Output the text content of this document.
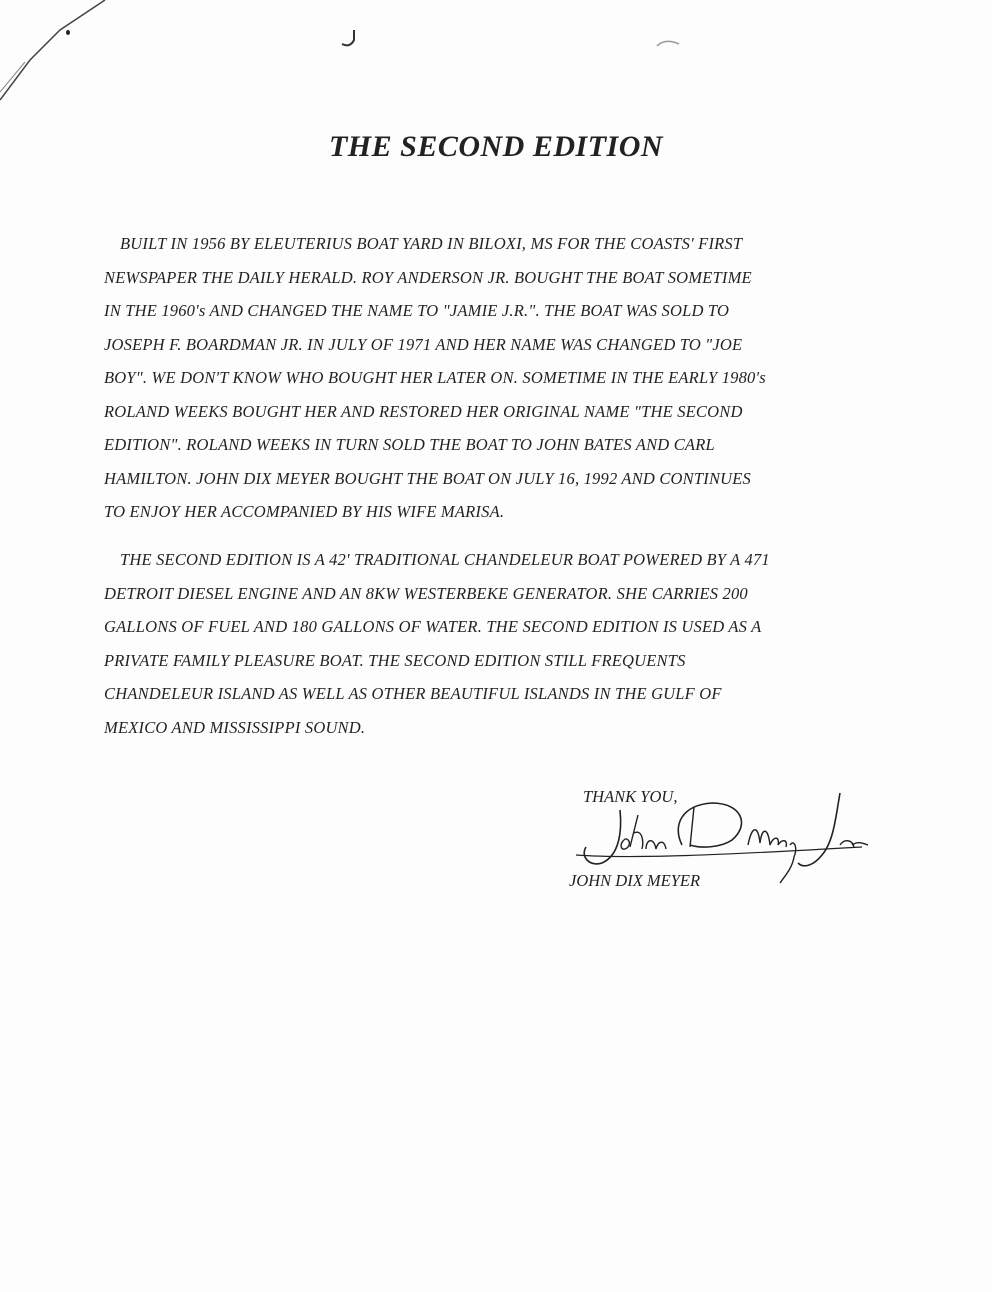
THE SECOND EDITION
BUILT IN 1956 BY ELEUTERIUS BOAT YARD IN BILOXI, MS FOR THE COASTS' FIRST
NEWSPAPER THE DAILY HERALD. ROY ANDERSON JR. BOUGHT THE BOAT SOMETIME
IN THE 1960's AND CHANGED THE NAME TO "JAMIE J.R.". THE BOAT WAS SOLD TO
JOSEPH F. BOARDMAN JR. IN JULY OF 1971 AND HER NAME WAS CHANGED TO "JOE
BOY". WE DON'T KNOW WHO BOUGHT HER LATER ON. SOMETIME IN THE EARLY 1980's
ROLAND WEEKS BOUGHT HER AND RESTORED HER ORIGINAL NAME "THE SECOND
EDITION". ROLAND WEEKS IN TURN SOLD THE BOAT TO JOHN BATES AND CARL
HAMILTON. JOHN DIX MEYER BOUGHT THE BOAT ON JULY 16, 1992 AND CONTINUES
TO ENJOY HER ACCOMPANIED BY HIS WIFE MARISA.
THE SECOND EDITION IS A 42' TRADITIONAL CHANDELEUR BOAT POWERED BY A 471
DETROIT DIESEL ENGINE AND AN 8KW WESTERBEKE GENERATOR. SHE CARRIES 200
GALLONS OF FUEL AND 180 GALLONS OF WATER. THE SECOND EDITION IS USED AS A
PRIVATE FAMILY PLEASURE BOAT. THE SECOND EDITION STILL FREQUENTS
CHANDELEUR ISLAND AS WELL AS OTHER BEAUTIFUL ISLANDS IN THE GULF OF
MEXICO AND MISSISSIPPI SOUND.
THANK YOU,
JOHN DIX MEYER
